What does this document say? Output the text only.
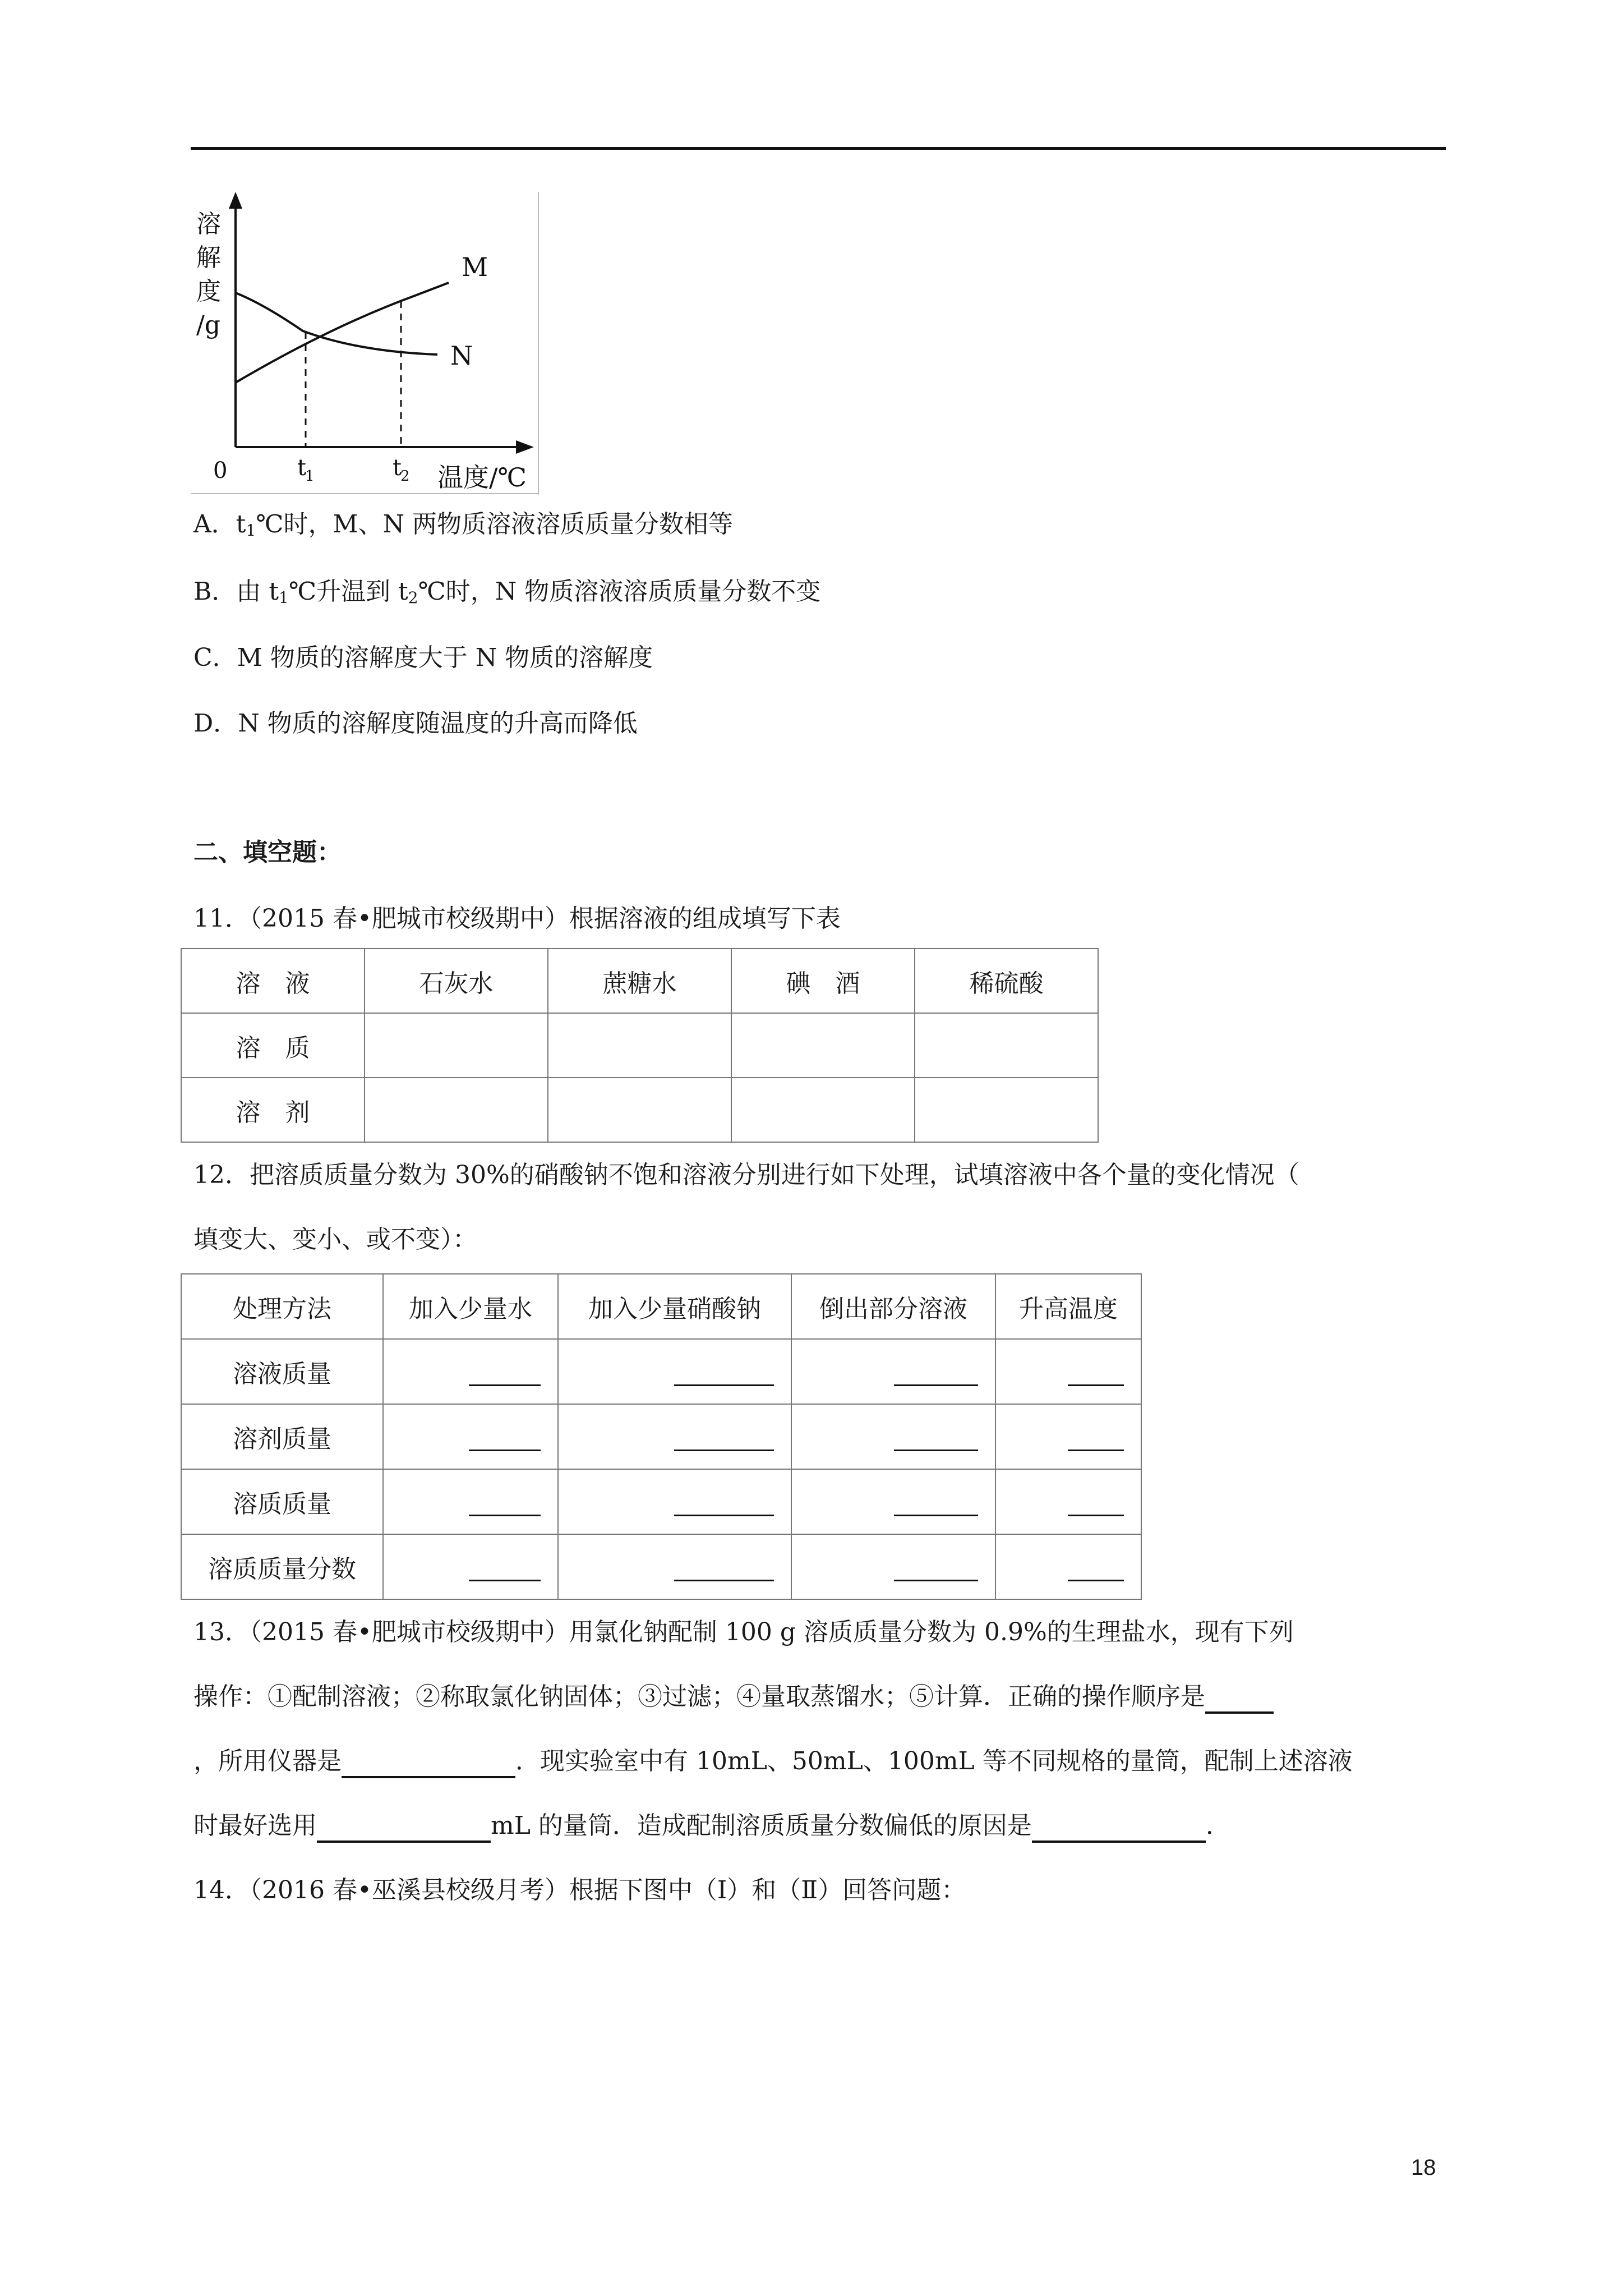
溶
解
度
/g
M
N
0	t
1	t
2 温度/℃
A．$t_1℃$时，M、N 两物质溶液溶质质量分数相等
B．由 $t_1℃$升温到 $t_2℃$时，N 物质溶液溶质质量分数不变
C．M 物质的溶解度大于 N 物质的溶解度
D．N 物质的溶解度随温度的升高而降低
二、填空题：
11．（2015 春•肥城市校级期中）根据溶液的组成填写下表
溶　液	石灰水	蔗糖水	碘　酒	稀硫酸
溶　质				
溶　剂				
12．把溶质质量分数为 30%的硝酸钠不饱和溶液分别进行如下处理，试填溶液中各个量的变化情况（
填变大、变小、或不变）：
处理方法	加入少量水	加入少量硝酸钠	倒出部分溶液	升高温度
溶液质量				
溶剂质量				
溶质质量				
溶质质量分数				
13．（2015 春•肥城市校级期中）用氯化钠配制 100 g 溶质质量分数为 0.9%的生理盐水，现有下列
操作：①配制溶液；②称取氯化钠固体；③过滤；④量取蒸馏水；⑤计算．正确的操作顺序是
，所用仪器是	．现实验室中有 10mL、50mL、100mL 等不同规格的量筒，配制上述溶液
时最好选用	mL 的量筒．造成配制溶质质量分数偏低的原因是	．
14．（2016 春•巫溪县校级月考）根据下图中（Ⅰ）和（Ⅱ）回答问题：
18
